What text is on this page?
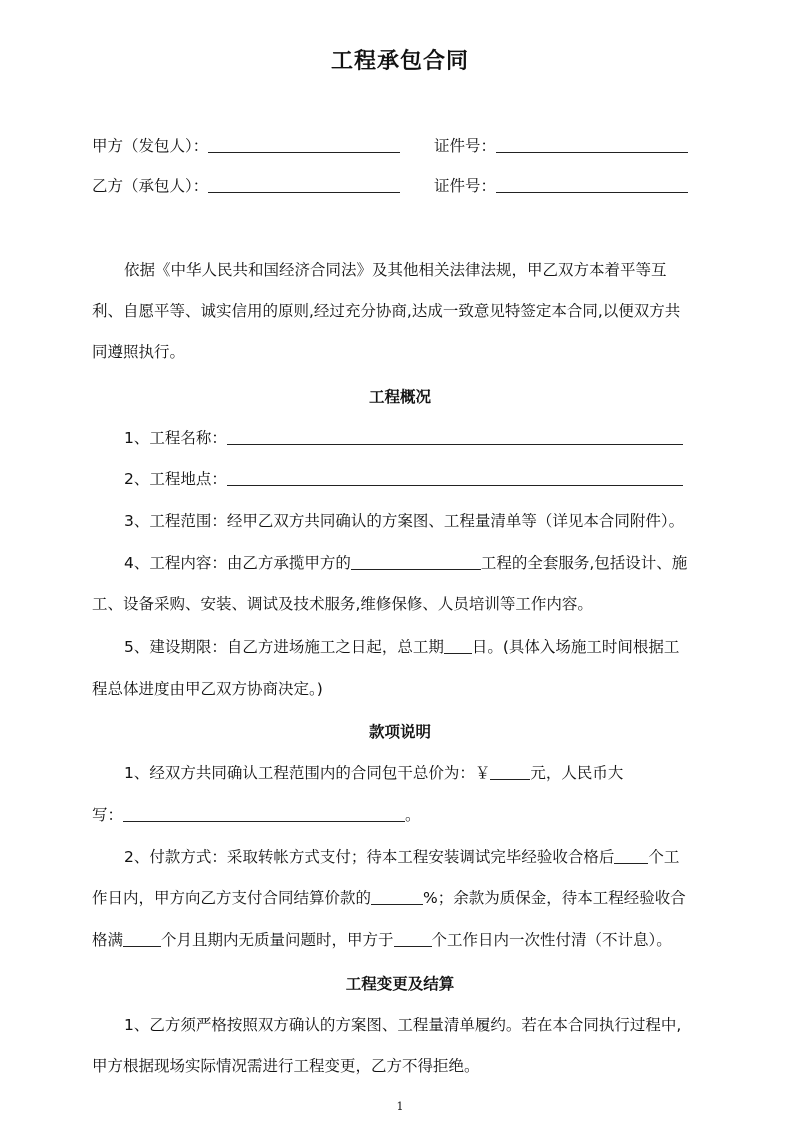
工程承包合同
甲方（发包人）：	证件号：
乙方（承包人）：	证件号：
依据《中华人民共和国经济合同法》及其他相关法律法规，甲乙双方本着平等互
利、自愿平等、诚实信用的原则,经过充分协商,达成一致意见特签定本合同,以便双方共
同遵照执行。
工程概况
1、工程名称：
2、工程地点：
3、工程范围：经甲乙双方共同确认的方案图、工程量清单等（详见本合同附件）。
4、工程内容：由乙方承揽甲方的	工程的全套服务,包括设计、施
工、设备采购、安装、调试及技术服务,维修保修、人员培训等工作内容。
5、建设期限：自乙方进场施工之日起，总工期 日。(具体入场施工时间根据工
程总体进度由甲乙双方协商决定。)
款项说明
1、经双方共同确认工程范围内的合同包干总价为：￥	元，人民币大
写：	。
2、付款方式：采取转帐方式支付；待本工程安装调试完毕经验收合格后 个工
作日内，甲方向乙方支付合同结算价款的	%；余款为质保金，待本工程经验收合
格满 个月且期内无质量问题时，甲方于 个工作日内一次性付清（不计息）。
工程变更及结算
1、乙方须严格按照双方确认的方案图、工程量清单履约。若在本合同执行过程中,
甲方根据现场实际情况需进行工程变更，乙方不得拒绝。
1
